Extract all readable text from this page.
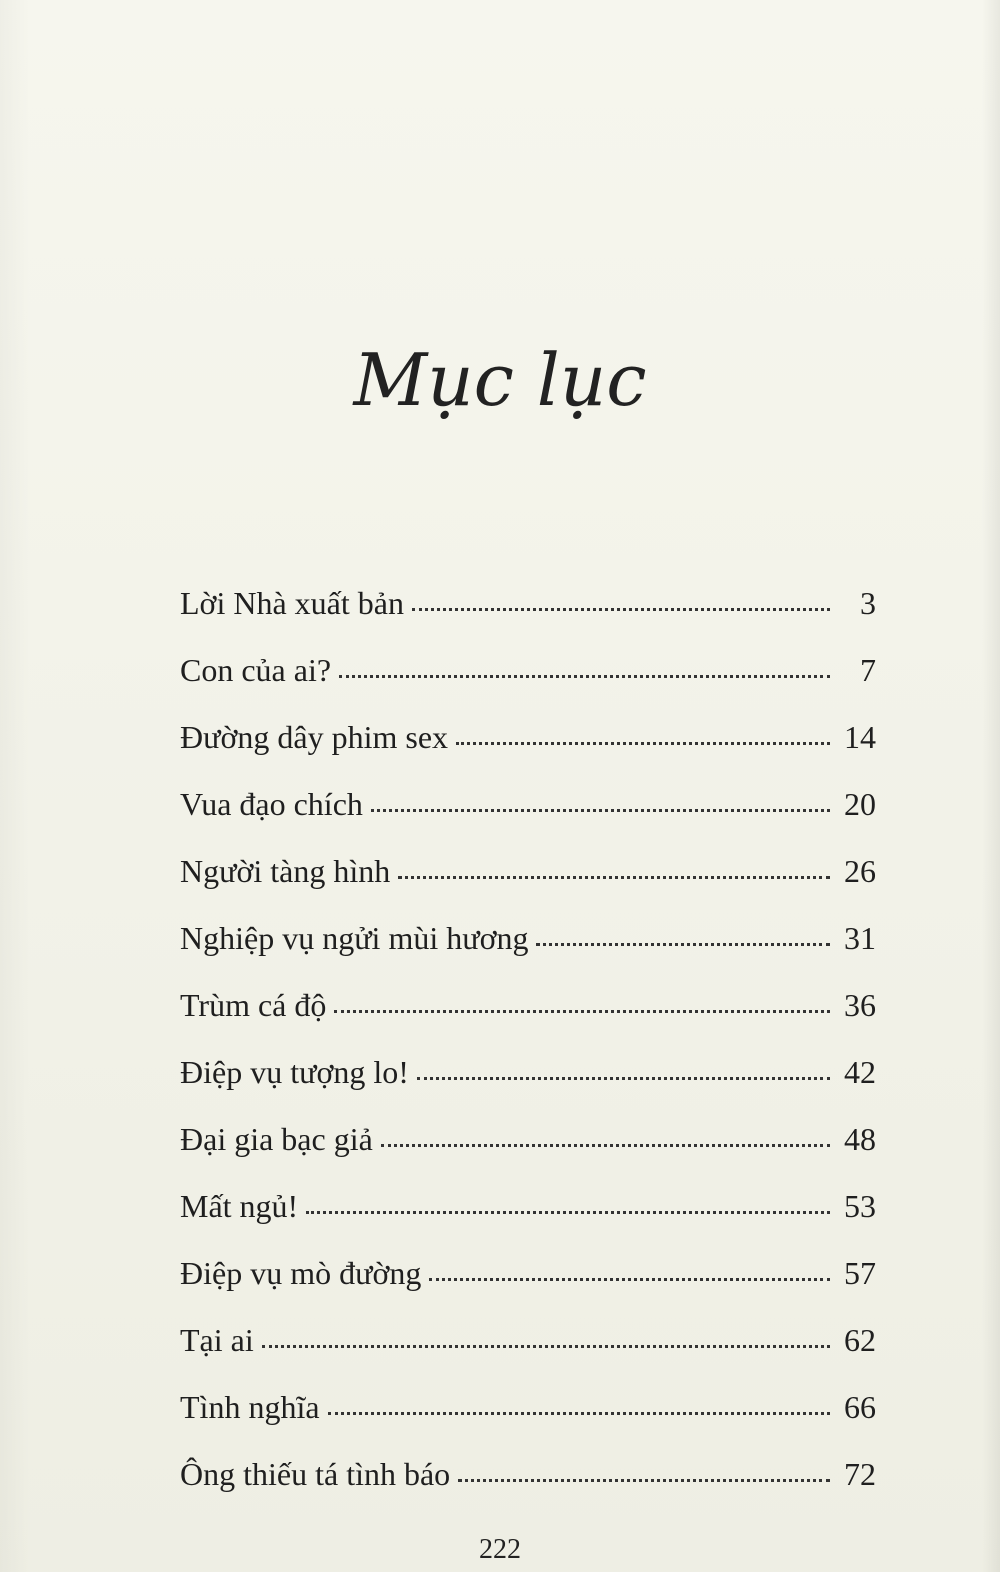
Mục lục
Lời Nhà xuất bản	3
Con của ai?	7
Đường dây phim sex	14
Vua đạo chích	20
Người tàng hình	26
Nghiệp vụ ngửi mùi hương	31
Trùm cá độ	36
Điệp vụ tượng lo!	42
Đại gia bạc giả	48
Mất ngủ!	53
Điệp vụ mò đường	57
Tại ai	62
Tình nghĩa	66
Ông thiếu tá tình báo	72
222
